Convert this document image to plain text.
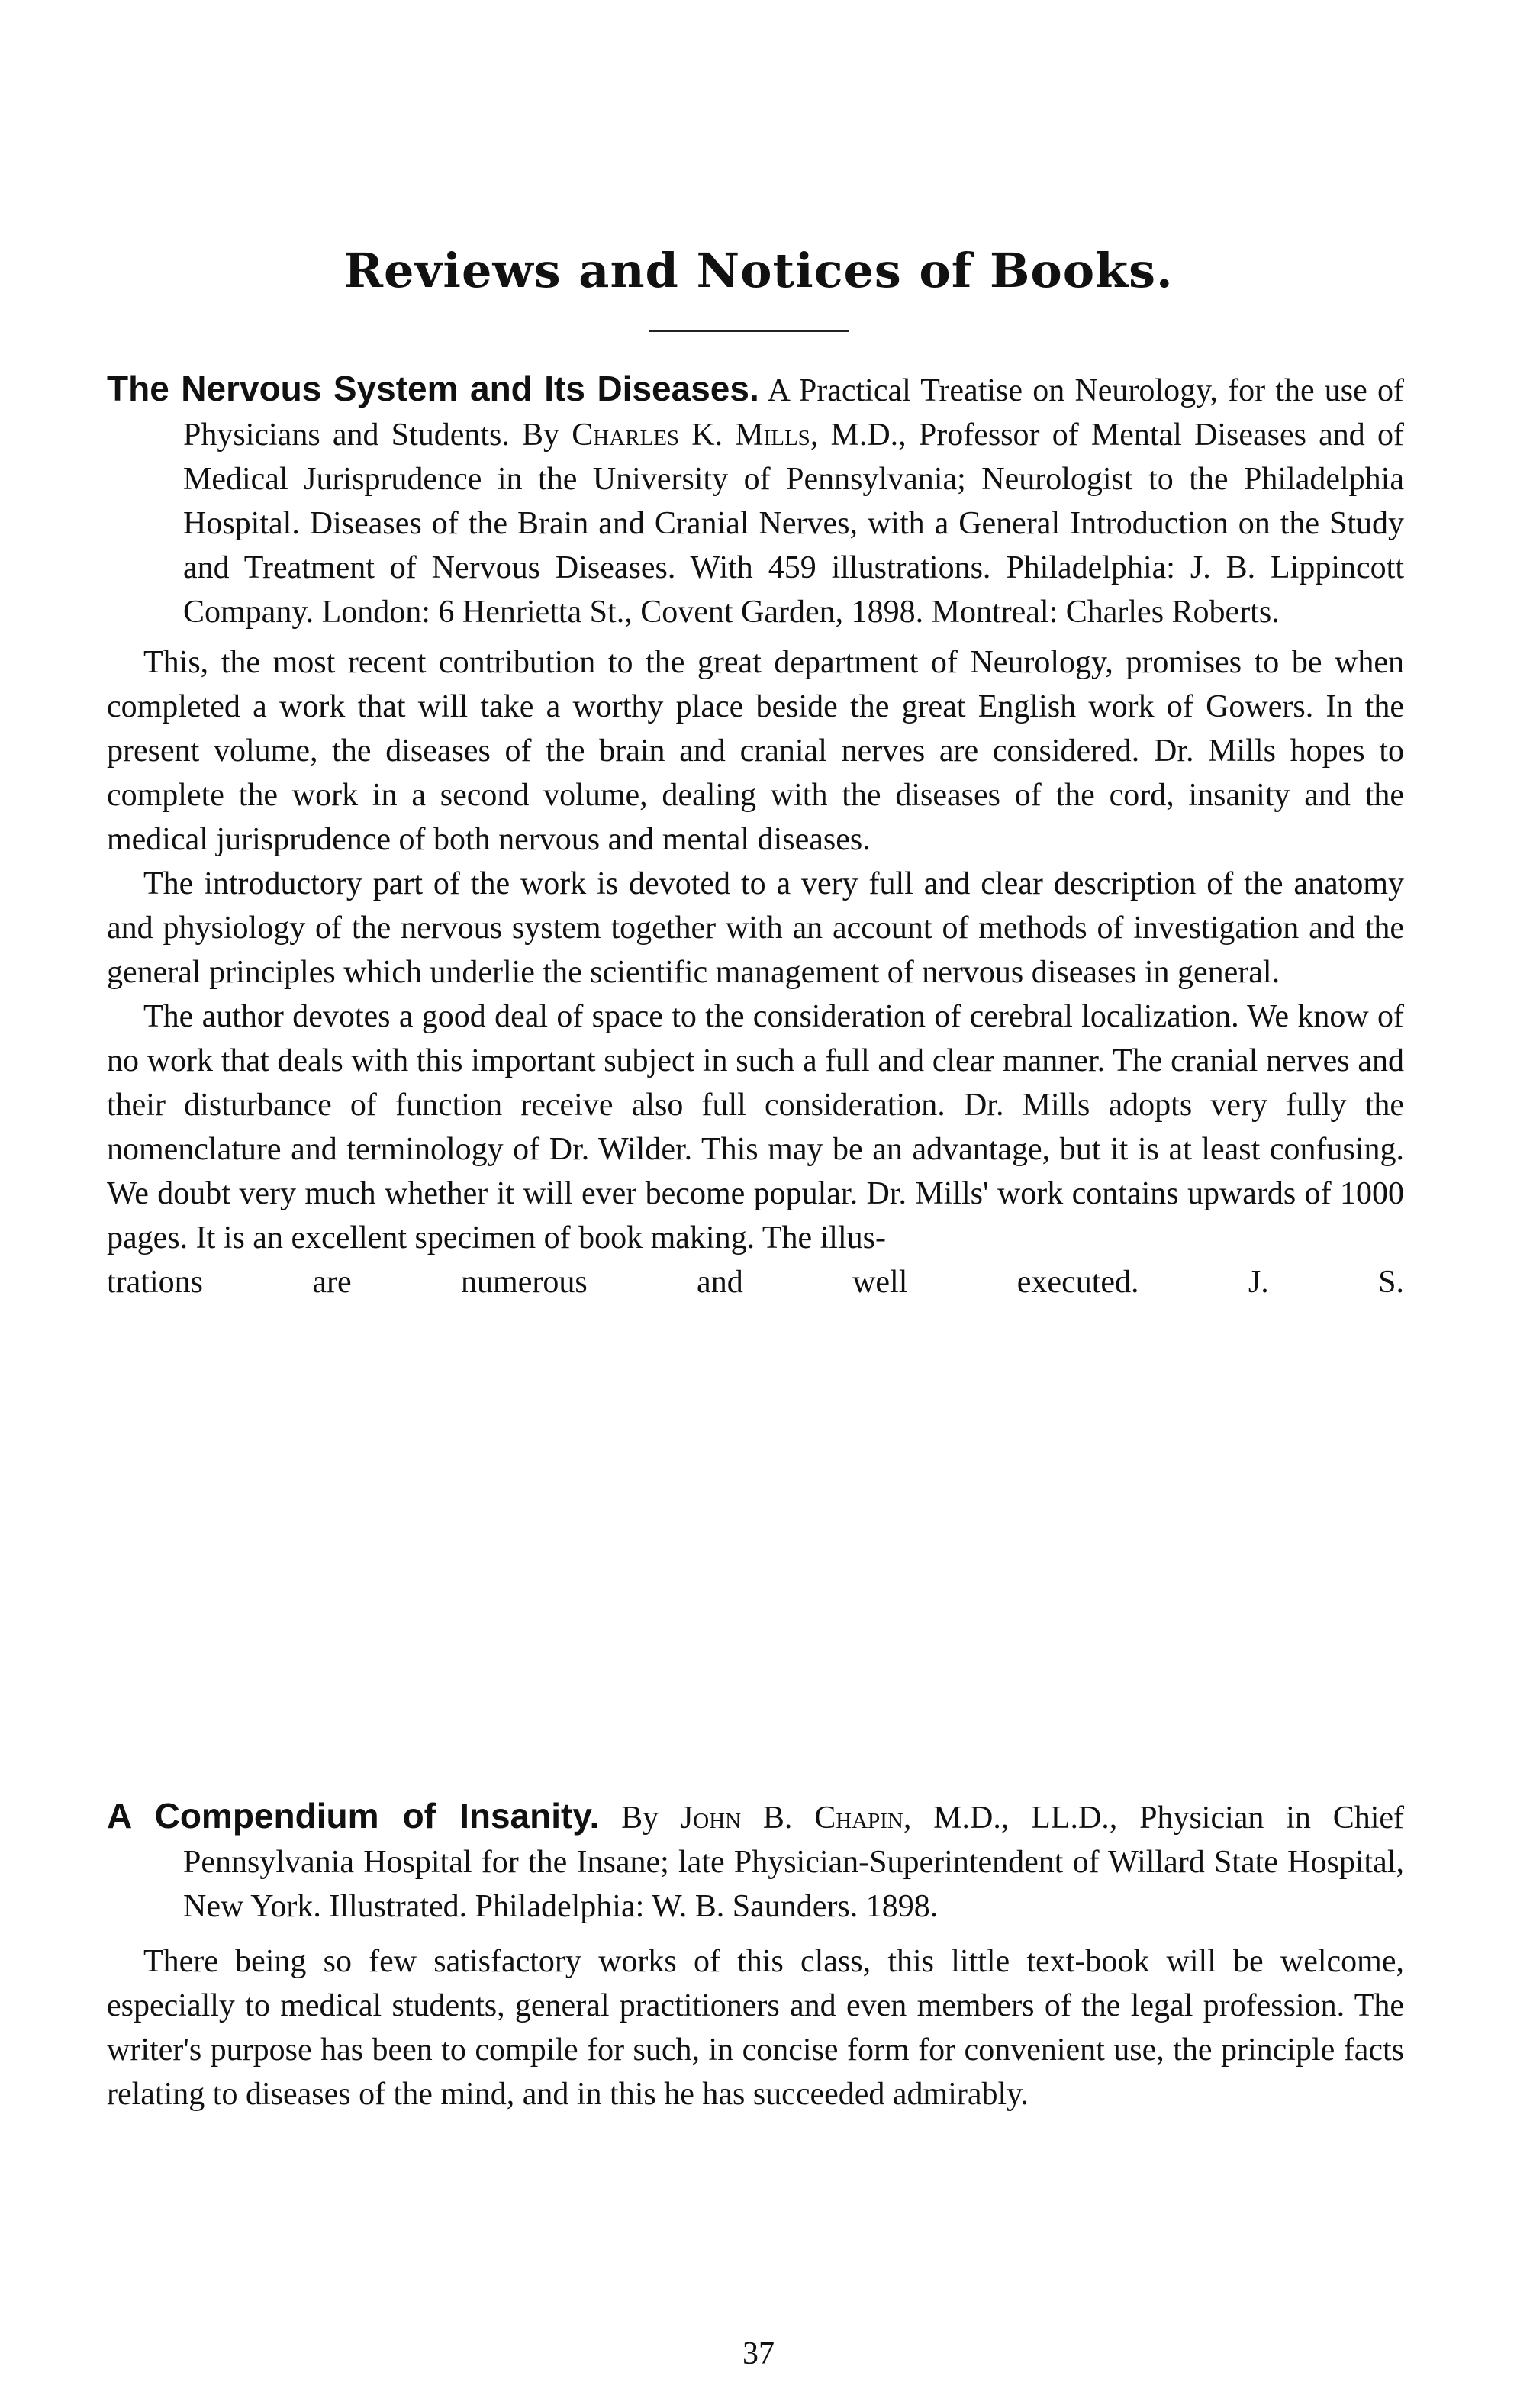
Reviews and Notices of Books.

The Nervous System and Its Diseases. A Practical Treatise on Neurology, for the use of Physicians and Students. By Charles K. Mills, M.D., Professor of Mental Diseases and of Medical Jurisprudence in the University of Pennsylvania; Neurologist to the Philadelphia Hospital. Diseases of the Brain and Cranial Nerves, with a General Introduction on the Study and Treatment of Nervous Diseases. With 459 illustrations. Philadelphia: J. B. Lippincott Company. London: 6 Henrietta St., Covent Garden, 1898. Montreal: Charles Roberts.

This, the most recent contribution to the great department of Neurology, promises to be when completed a work that will take a worthy place beside the great English work of Gowers. In the present volume, the diseases of the brain and cranial nerves are considered. Dr. Mills hopes to complete the work in a second volume, dealing with the diseases of the cord, insanity and the medical jurisprudence of both nervous and mental diseases.

The introductory part of the work is devoted to a very full and clear description of the anatomy and physiology of the nervous system together with an account of methods of investigation and the general principles which underlie the scientific management of nervous diseases in general.

The author devotes a good deal of space to the consideration of cerebral localization. We know of no work that deals with this important subject in such a full and clear manner. The cranial nerves and their disturbance of function receive also full consideration. Dr. Mills adopts very fully the nomenclature and terminology of Dr. Wilder. This may be an advantage, but it is at least confusing. We doubt very much whether it will ever become popular. Dr. Mills' work contains upwards of 1000 pages. It is an excellent specimen of book making. The illus-

trations are numerous and well executed.	J. S.

A Compendium of Insanity. By John B. Chapin, M.D., LL.D., Physician in Chief Pennsylvania Hospital for the Insane; late Physician-Superintendent of Willard State Hospital, New York. Illustrated. Philadelphia: W. B. Saunders. 1898.

There being so few satisfactory works of this class, this little text-book will be welcome, especially to medical students, general practitioners and even members of the legal profession. The writer's purpose has been to compile for such, in concise form for convenient use, the principle facts relating to diseases of the mind, and in this he has succeeded admirably.

37
